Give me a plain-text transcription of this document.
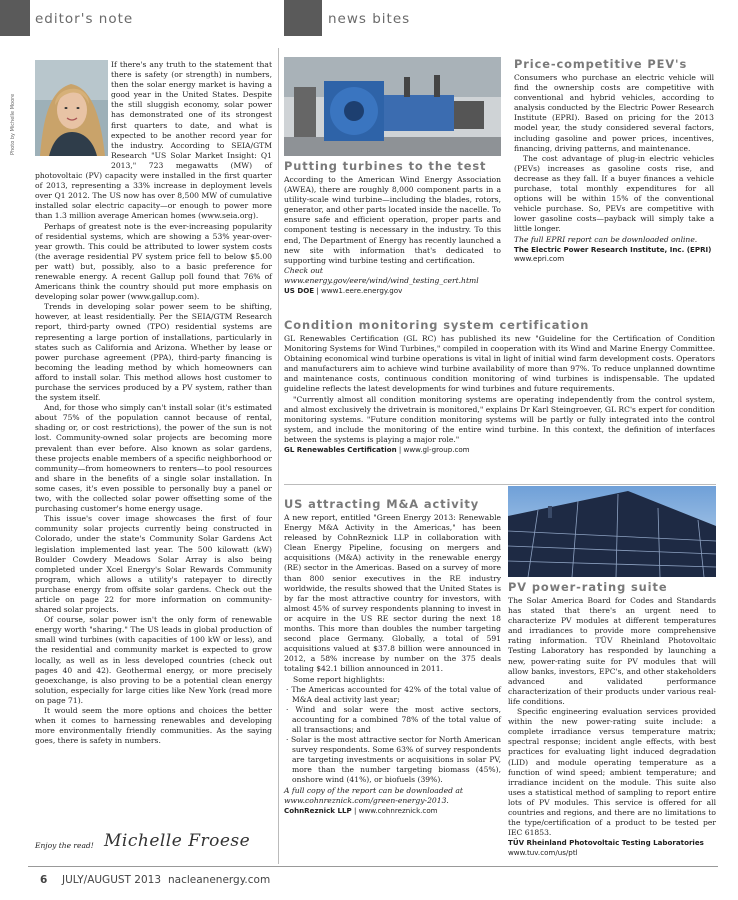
editor's note	news bites
Photo by Michelle Moore

If there's any truth to the statement that there is safety (or strength) in numbers, then the solar energy market is having a good year in the United States. Despite the still sluggish economy, solar power has demonstrated one of its strongest first quarters to date, and what is expected to be another record year for the industry. According to SEIA/GTM Research "US Solar Market Insight: Q1 2013," 723 megawatts (MW) of photovoltaic (PV) capacity were installed in the first quarter of 2013, representing a 33% increase in deployment levels over Q1 2012. The US now has over 8,500 MW of cumulative installed solar electric capacity—or enough to power more than 1.3 million average American homes (www.seia.org).

Perhaps of greatest note is the ever-increasing popularity of residential systems, which are showing a 53% year-over-year growth. This could be attributed to lower system costs (the average residential PV system price fell to below $5.00 per watt) but, possibly, also to a basic preference for renewable energy. A recent Gallup poll found that 76% of Americans think the country should put more emphasis on developing solar power (www.gallup.com).

Trends in developing solar power seem to be shifting, however, at least residentially. Per the SEIA/GTM Research report, third-party owned (TPO) residential systems are representing a large portion of installations, particularly in states such as California and Arizona. Whether by lease or power purchase agreement (PPA), third-party financing is becoming the leading method by which homeowners can afford to install solar. This method allows host customer to purchase the services produced by a PV system, rather than the system itself.

And, for those who simply can't install solar (it's estimated about 75% of the population cannot because of rental, shading or, or cost restrictions), the power of the sun is not lost. Community-owned solar projects are becoming more prevalent than ever before. Also known as solar gardens, these projects enable members of a specific neighborhood or community—from homeowners to renters—to pool resources and share in the benefits of a single solar installation. In some cases, it's even possible to personally buy a panel or two, with the collected solar power offsetting some of the purchasing customer's home energy usage.

This issue's cover image showcases the first of four community solar projects currently being constructed in Colorado, under the state's Community Solar Gardens Act legislation implemented last year. The 500 kilowatt (kW) Boulder Cowdery Meadows Solar Array is also being completed under Xcel Energy's Solar Rewards Community program, which allows a utility's ratepayer to directly purchase energy from offsite solar gardens. Check out the article on page 22 for more information on community-shared solar projects.

Of course, solar power isn't the only form of renewable energy worth "sharing." The US leads in global production of small wind turbines (with capacities of 100 kW or less), and the residential and community market is expected to grow locally, as well as in less developed countries (check out pages 40 and 42). Geothermal energy, or more precisely geoexchange, is also proving to be a potential clean energy solution, especially for large cities like New York (read more on page 71).

It would seem the more options and choices the better when it comes to harnessing renewables and developing more environmentally friendly communities. As the saying goes, there is safety in numbers.

Enjoy the read! Michelle Froese
Putting turbines to the test

According to the American Wind Energy Association (AWEA), there are roughly 8,000 component parts in a utility-scale wind turbine—including the blades, rotors, generator, and other parts located inside the nacelle. To ensure safe and efficient operation, proper parts and component testing is necessary in the industry. To this end, The Department of Energy has recently launched a new site with information that's dedicated to supporting wind turbine testing and certification.

Check out www.energy.gov/eere/wind/wind_testing_cert.html
US DOE | www1.eere.energy.gov
Price-competitive PEV's

Consumers who purchase an electric vehicle will find the ownership costs are competitive with conventional and hybrid vehicles, according to analysis conducted by the Electric Power Research Institute (EPRI). Based on pricing for the 2013 model year, the study considered several factors, including gasoline and power prices, incentives, financing, driving patterns, and maintenance.

The cost advantage of plug-in electric vehicles (PEVs) increases as gasoline costs rise, and decrease as they fall. If a buyer finances a vehicle purchase, total monthly expenditures for all options will be within 15% of the conventional vehicle purchase. So, PEVs are competitive with lower gasoline costs—payback will simply take a little longer.

The full EPRI report can be downloaded online.

The Electric Power Research Institute, Inc. (EPRI)
www.epri.com
Condition monitoring system certification

GL Renewables Certification (GL RC) has published its new "Guideline for the Certification of Condition Monitoring Systems for Wind Turbines," compiled in cooperation with its Wind and Marine Energy Committee. Obtaining economical wind turbine operations is vital in light of initial wind farm development costs. Operators and manufacturers aim to achieve wind turbine availability of more than 97%. To reduce unplanned downtime and maintenance costs, continuous condition monitoring of wind turbines is indispensable. The updated guideline reflects the latest developments for wind turbines and future requirements.

"Currently almost all condition monitoring systems are operating independently from the control system, and almost exclusively the drivetrain is monitored," explains Dr Karl Steingroever, GL RC's expert for condition monitoring systems. "Future condition monitoring systems will be partly or fully integrated into the control system, and include the monitoring of the entire wind turbine. In this context, the definition of interfaces between the systems is playing a major role."

GL Renewables Certification | www.gl-group.com
US attracting M&A activity

A new report, entitled "Green Energy 2013: Renewable Energy M&A Activity in the Americas," has been released by CohnReznick LLP in collaboration with Clean Energy Pipeline, focusing on mergers and acquisitions (M&A) activity in the renewable energy (RE) sector in the Americas. Based on a survey of more than 800 senior executives in the RE industry worldwide, the results showed that the United States is by far the most attractive country for investors, with almost 45% of survey respondents planning to invest in or acquire in the US RE sector during the next 18 months. This more than doubles the number targeting second place Germany. Globally, a total of 591 acquisitions valued at $37.8 billion were announced in 2012, a 58% increase by number on the 375 deals totaling $42.1 billion announced in 2011.

Some report highlights:

· The Americas accounted for 42% of the total value of M&A deal activity last year;
· Wind and solar were the most active sectors, accounting for a combined 78% of the total value of all transactions; and
· Solar is the most attractive sector for North American survey respondents. Some 63% of survey respondents are targeting investments or acquisitions in solar PV, more than the number targeting biomass (45%), onshore wind (41%), or biofuels (39%).
A full copy of the report can be downloaded at www.cohnreznick.com/green-energy-2013.
CohnReznick LLP | www.cohnreznick.com
PV power-rating suite

The Solar America Board for Codes and Standards has stated that there's an urgent need to characterize PV modules at different temperatures and irradiances to provide more comprehensive rating information. TÜV Rheinland Photovoltaic Testing Laboratory has responded by launching a new, power-rating suite for PV modules that will allow banks, investors, EPC's, and other stakeholders advanced and validated performance characterization of their products under various real-life conditions.

Specific engineering evaluation services provided within the new power-rating suite include: a complete irradiance versus temperature matrix; spectral response; incident angle effects, with best practices for evaluating light induced degradation (LID) and module operating temperature as a function of wind speed; ambient temperature; and irradiance incident on the module. This suite also uses a statistical method of sampling to report entire lots of PV modules. This service is offered for all countries and regions, and there are no limitations to the type/certification of a product to be tested per IEC 61853.

TÜV Rheinland Photovoltaic Testing Laboratories
www.tuv.com/us/ptl
6 JULY/AUGUST 2013 nacleanenergy.com
